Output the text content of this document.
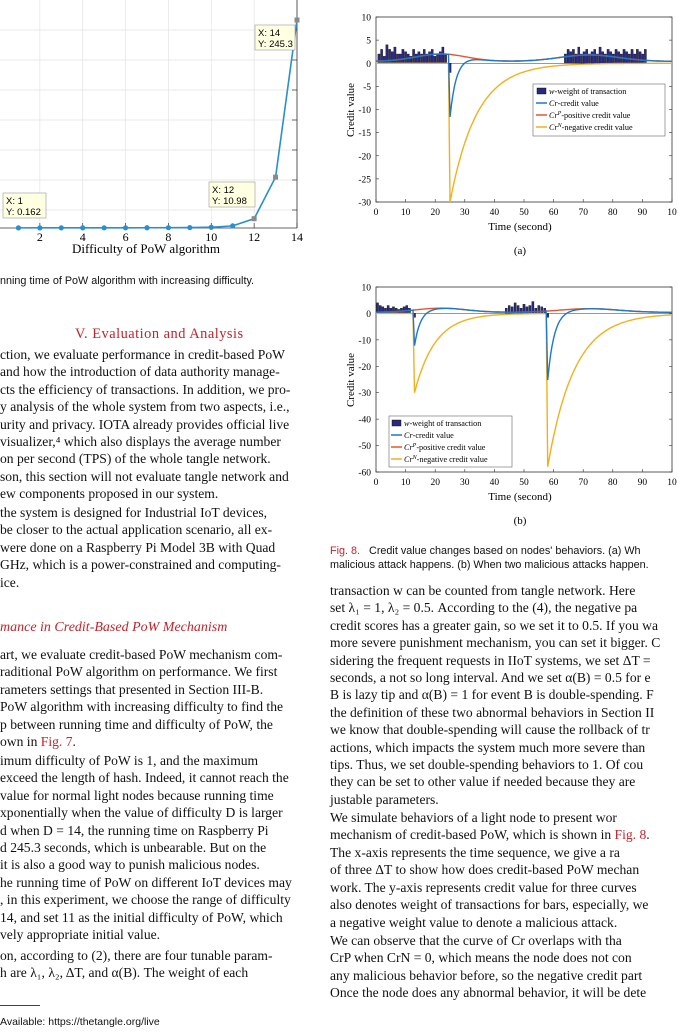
2	4	6	8	10	12	14
Difficulty of PoW algorithm
X: 1
Y: 0.162
X: 12
Y: 10.98
X: 14
Y: 245.3
nning time of PoW algorithm with increasing difficulty.
10
5
0
-5
-10
-15
-20
-25
-30
0 10 20 30 40 50 60 70 80 90 10
Time (second)
Credit value
(a)
w-weight of transaction
Cr-credit value
$Cr^P$-positive credit value
$Cr^N$-negative credit value
10
0
-10
-20
-30
-40
-50
-60
0 10 20 30 40 50 60 70 80 90 10
Time (second)
Credit value
(b)
w-weight of transaction
Cr-credit value
$Cr^P$-positive credit value
$Cr^N$-negative credit value
Fig. 8. Credit value changes based on nodes' behaviors. (a) Wh
malicious attack happens. (b) When two malicious attacks happen.
V. Evaluation and Analysis
ction, we evaluate performance in credit-based PoW
and how the introduction of data authority manage-
cts the efficiency of transactions. In addition, we pro-
y analysis of the whole system from two aspects, i.e.,
urity and privacy. IOTA already provides official live
visualizer,⁴ which also displays the average number
on per second (TPS) of the whole tangle network.
son, this section will not evaluate tangle network and
ew components proposed in our system.
the system is designed for Industrial IoT devices,
be closer to the actual application scenario, all ex-
were done on a Raspberry Pi Model 3B with Quad
GHz, which is a power-constrained and computing-
ice.
mance in Credit-Based PoW Mechanism
art, we evaluate credit-based PoW mechanism com-
raditional PoW algorithm on performance. We first
rameters settings that presented in Section III-B.
PoW algorithm with increasing difficulty to find the
p between running time and difficulty of PoW, the
own in Fig. 7.
imum difficulty of PoW is 1, and the maximum
exceed the length of hash. Indeed, it cannot reach the
value for normal light nodes because running time
xponentially when the value of difficulty D is larger
d when D = 14, the running time on Raspberry Pi
d 245.3 seconds, which is unbearable. But on the
it is also a good way to punish malicious nodes.
he running time of PoW on different IoT devices may
, in this experiment, we choose the range of difficulty
14, and set 11 as the initial difficulty of PoW, which
vely appropriate initial value.
on, according to (2), there are four tunable param-
h are λ₁, λ₂, ΔT, and α(B). The weight of each
Available: https://thetangle.org/live
transaction w can be counted from tangle network. Here
set λ₁ = 1, λ₂ = 0.5. According to the (4), the negative pa
credit scores has a greater gain, so we set it to 0.5. If you wa
more severe punishment mechanism, you can set it bigger. C
sidering the frequent requests in IIoT systems, we set ΔT =
seconds, a not so long interval. And we set α(B) = 0.5 for e
B is lazy tip and α(B) = 1 for event B is double-spending. F
the definition of these two abnormal behaviors in Section II
we know that double-spending will cause the rollback of tr
actions, which impacts the system much more severe than
tips. Thus, we set double-spending behaviors to 1. Of cou
they can be set to other value if needed because they are
justable parameters.
We simulate behaviors of a light node to present wor
mechanism of credit-based PoW, which is shown in Fig. 8.
The x-axis represents the time sequence, we give a ra
of three ΔT to show how does credit-based PoW mechan
work. The y-axis represents credit value for three curves
also denotes weight of transactions for bars, especially, we
a negative weight value to denote a malicious attack.
We can observe that the curve of Cr overlaps with tha
CrP when CrN = 0, which means the node does not con
any malicious behavior before, so the negative credit part
Once the node does any abnormal behavior, it will be dete
